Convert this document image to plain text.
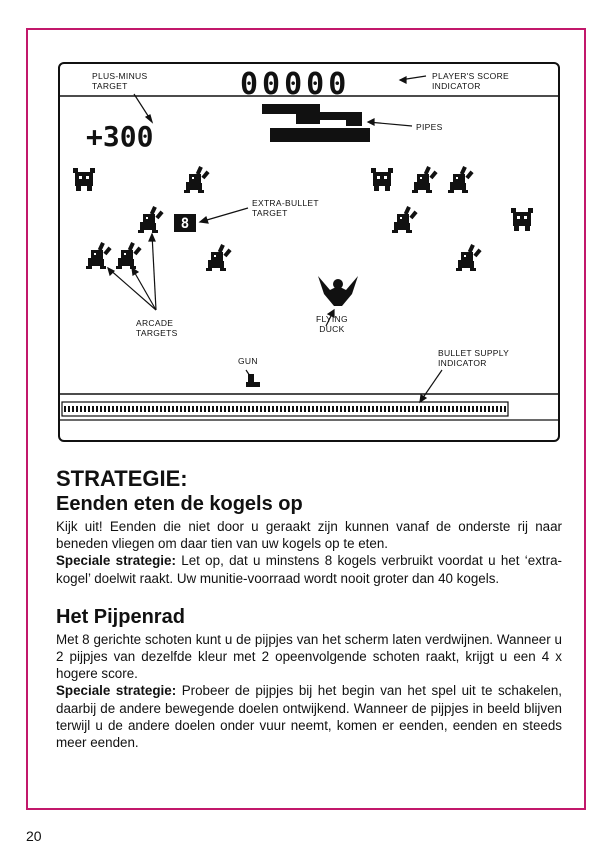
00000
+300
8
PLUS-MINUS
TARGET
PLAYER'S SCORE
INDICATOR
PIPES
EXTRA-BULLET
TARGET
ARCADE
TARGETS
FLYING
DUCK
GUN
BULLET SUPPLY
INDICATOR
STRATEGIE:
Eenden eten de kogels op

Kijk uit! Eenden die niet door u geraakt zijn kunnen vanaf de onderste rij naar beneden vliegen om daar tien van uw kogels op te eten.

Speciale strategie: Let op, dat u minstens 8 kogels verbruikt voordat u het ‘extra-kogel’ doelwit raakt. Uw munitie-voorraad wordt nooit groter dan 40 kogels.

Het Pijpenrad

Met 8 gerichte schoten kunt u de pijpjes van het scherm laten verdwijnen. Wanneer u 2 pijpjes van dezelfde kleur met 2 opeenvolgende schoten raakt, krijgt u een 4 x hogere score.

Speciale strategie: Probeer de pijpjes bij het begin van het spel uit te schakelen, daarbij de andere bewegende doelen ontwijkend. Wanneer de pijpjes in beeld blijven terwijl u de andere doelen onder vuur neemt, komen er eenden, eenden en steeds meer eenden.

20
